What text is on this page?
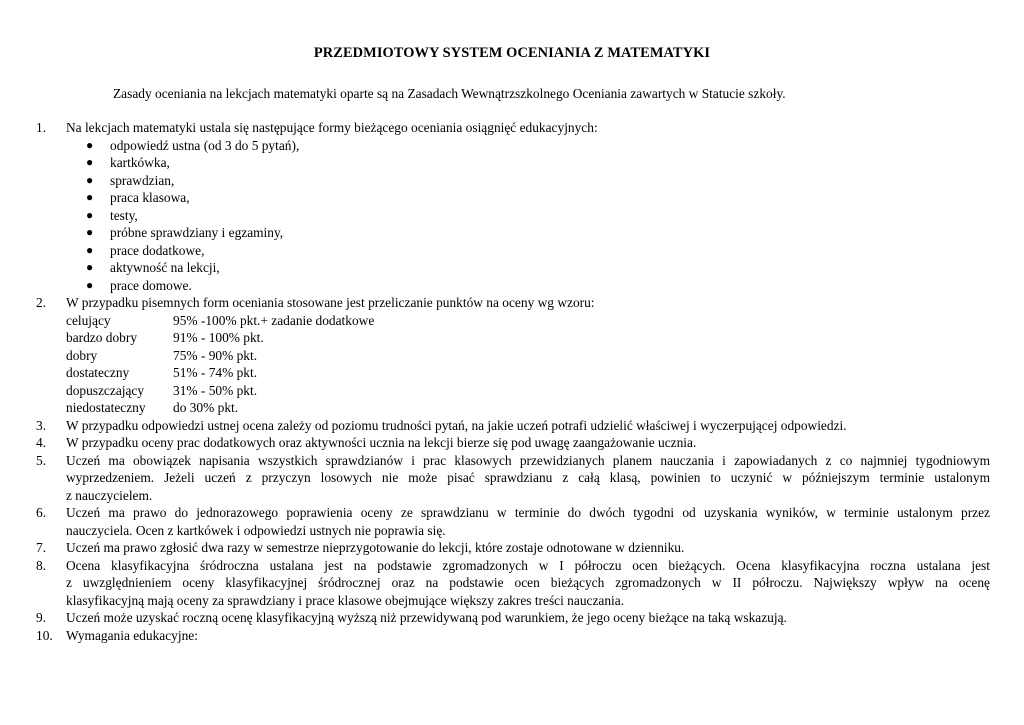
PRZEDMIOTOWY SYSTEM OCENIANIA Z MATEMATYKI
Zasady oceniania na lekcjach matematyki oparte są na Zasadach Wewnątrzszkolnego Oceniania zawartych w Statucie szkoły.
1.	Na lekcjach matematyki ustala się następujące formy bieżącego oceniania osiągnięć edukacyjnych:
● odpowiedź ustna (od 3 do 5 pytań),
● kartkówka,
● sprawdzian,
● praca klasowa,
● testy,
● próbne sprawdziany i egzaminy,
● prace dodatkowe,
● aktywność na lekcji,
● prace domowe.
2.	W przypadku pisemnych form oceniania stosowane jest przeliczanie punktów na oceny wg wzoru:
celujący	95% -100% pkt.+ zadanie dodatkowe
bardzo dobry	91% - 100% pkt.
dobry	75% - 90% pkt.
dostateczny	51% - 74% pkt.
dopuszczający 31% - 50% pkt.
niedostateczny do 30% pkt.
3.	W przypadku odpowiedzi ustnej ocena zależy od poziomu trudności pytań, na jakie uczeń potrafi udzielić właściwej i wyczerpującej odpowiedzi.
4.	W przypadku oceny prac dodatkowych oraz aktywności ucznia na lekcji bierze się pod uwagę zaangażowanie ucznia.
5.	Uczeń ma obowiązek napisania wszystkich sprawdzianów i prac klasowych przewidzianych planem nauczania i zapowiadanych z co najmniej tygodniowym
wyprzedzeniem. Jeżeli uczeń z przyczyn losowych nie może pisać sprawdzianu z całą klasą, powinien to uczynić w późniejszym terminie ustalonym
z nauczycielem.
6.	Uczeń ma prawo do jednorazowego poprawienia oceny ze sprawdzianu w terminie do dwóch tygodni od uzyskania wyników, w terminie ustalonym przez
nauczyciela. Ocen z kartkówek i odpowiedzi ustnych nie poprawia się.
7.	Uczeń ma prawo zgłosić dwa razy w semestrze nieprzygotowanie do lekcji, które zostaje odnotowane w dzienniku.
8.	Ocena klasyfikacyjna śródroczna ustalana jest na podstawie zgromadzonych w I półroczu ocen bieżących. Ocena klasyfikacyjna roczna ustalana jest
z uwzględnieniem oceny klasyfikacyjnej śródrocznej oraz na podstawie ocen bieżących zgromadzonych w II półroczu. Największy wpływ na ocenę
klasyfikacyjną mają oceny za sprawdziany i prace klasowe obejmujące większy zakres treści nauczania.
9.	Uczeń może uzyskać roczną ocenę klasyfikacyjną wyższą niż przewidywaną pod warunkiem, że jego oceny bieżące na taką wskazują.
10. Wymagania edukacyjne:
